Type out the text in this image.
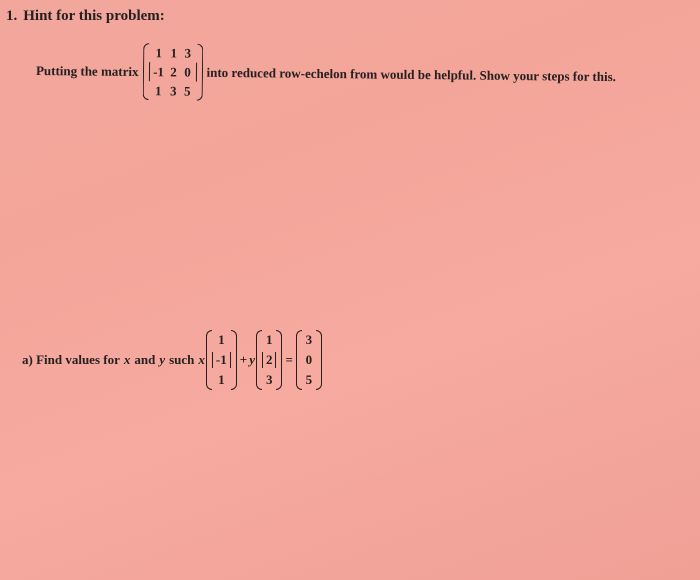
1. Hint for this problem:
Putting the matrix
1 1 3
-1 2 0
1 3 5
into reduced row-echelon from would be helpful. Show your steps for this.
a) Find values for x and y such x
1
-1
1
+ y
1
2
3
=
3
0
5
